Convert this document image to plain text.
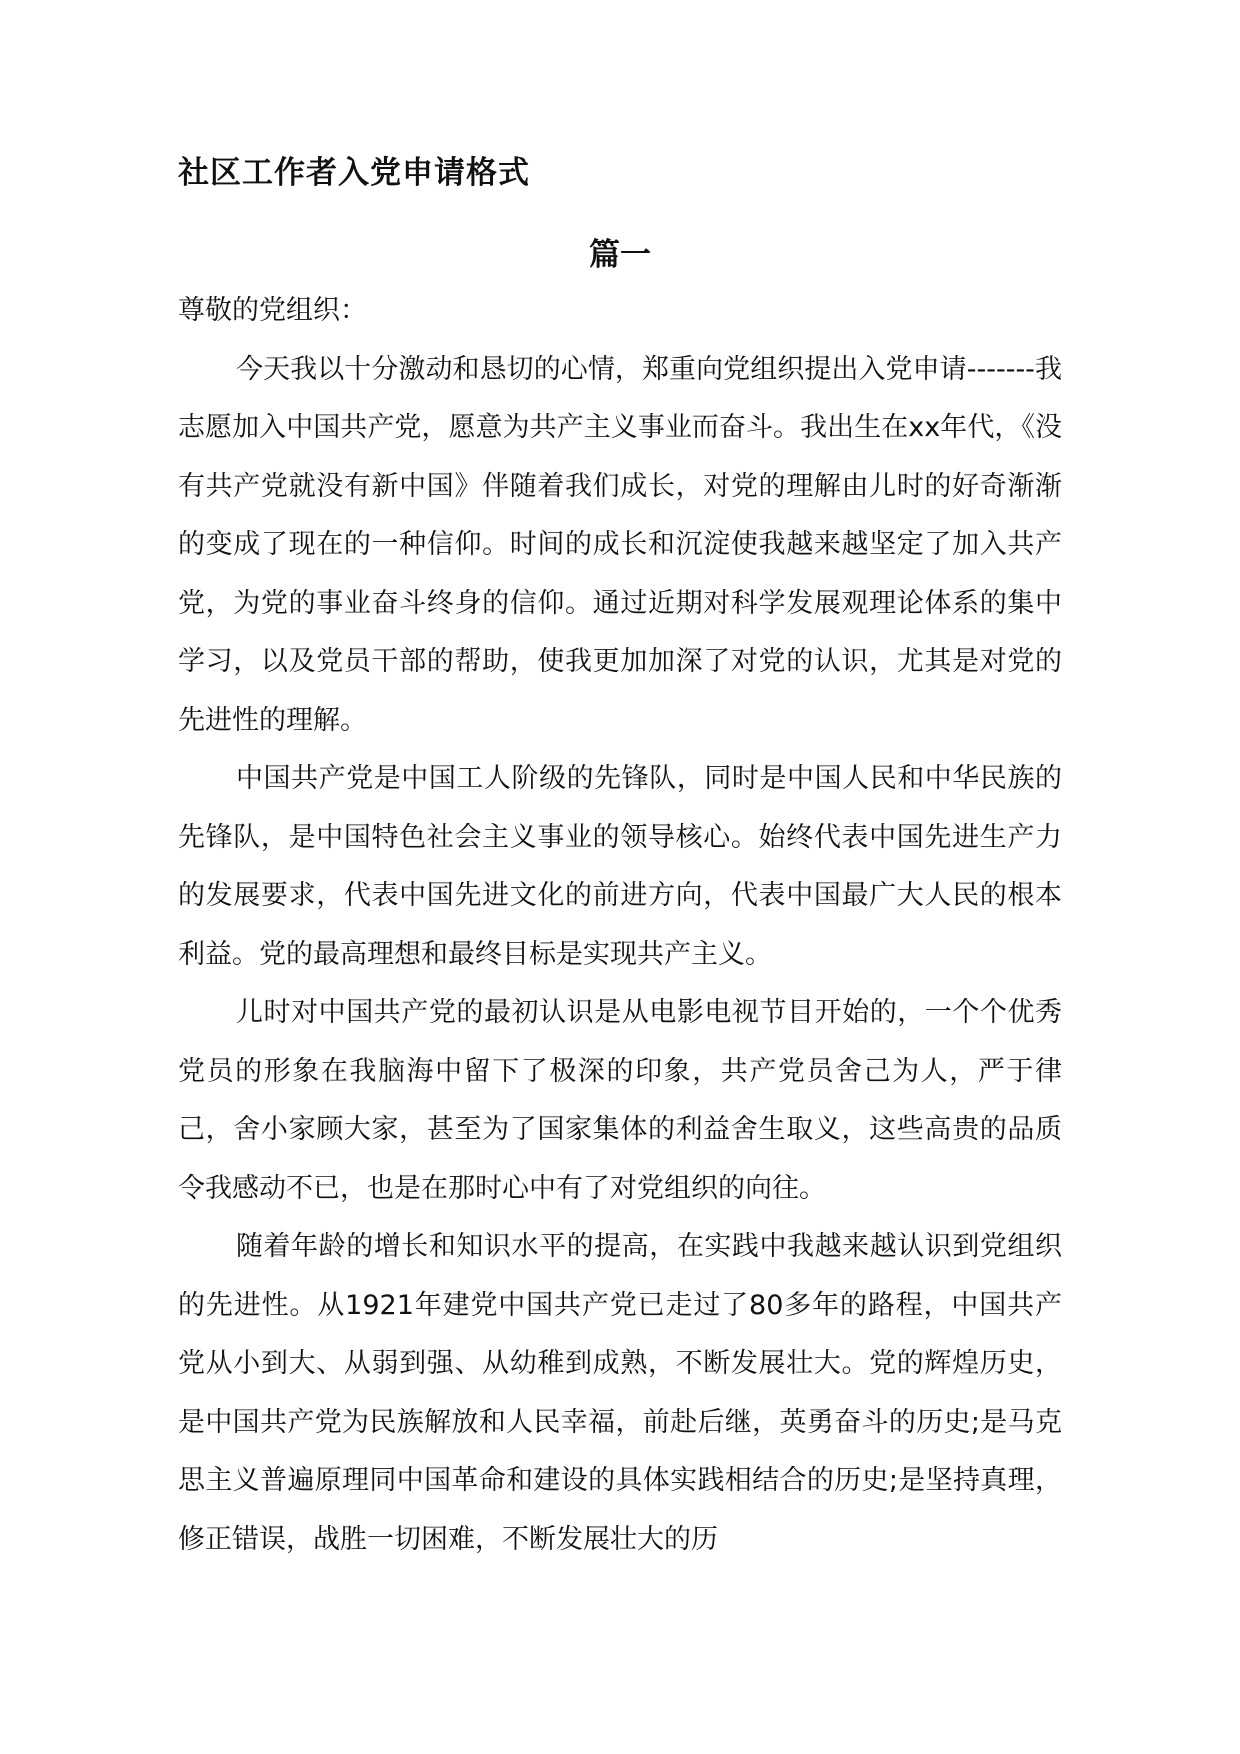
社区工作者入党申请格式
篇一

尊敬的党组织：

今天我以十分激动和恳切的心情，郑重向党组织提出入党申请-------我志愿加入中国共产党，愿意为共产主义事业而奋斗。我出生在xx年代，《没有共产党就没有新中国》伴随着我们成长，对党的理解由儿时的好奇渐渐的变成了现在的一种信仰。时间的成长和沉淀使我越来越坚定了加入共产党，为党的事业奋斗终身的信仰。通过近期对科学发展观理论体系的集中学习，以及党员干部的帮助，使我更加加深了对党的认识，尤其是对党的先进性的理解。

中国共产党是中国工人阶级的先锋队，同时是中国人民和中华民族的先锋队，是中国特色社会主义事业的领导核心。始终代表中国先进生产力的发展要求，代表中国先进文化的前进方向，代表中国最广大人民的根本利益。党的最高理想和最终目标是实现共产主义。

儿时对中国共产党的最初认识是从电影电视节目开始的，一个个优秀党员的形象在我脑海中留下了极深的印象，共产党员舍己为人，严于律己，舍小家顾大家，甚至为了国家集体的利益舍生取义，这些高贵的品质令我感动不已，也是在那时心中有了对党组织的向往。

随着年龄的增长和知识水平的提高，在实践中我越来越认识到党组织的先进性。从1921年建党中国共产党已走过了80多年的路程，中国共产党从小到大、从弱到强、从幼稚到成熟，不断发展壮大。党的辉煌历史，是中国共产党为民族解放和人民幸福，前赴后继，英勇奋斗的历史;是马克思主义普遍原理同中国革命和建设的具体实践相结合的历史;是坚持真理，修正错误，战胜一切困难，不断发展壮大的历
